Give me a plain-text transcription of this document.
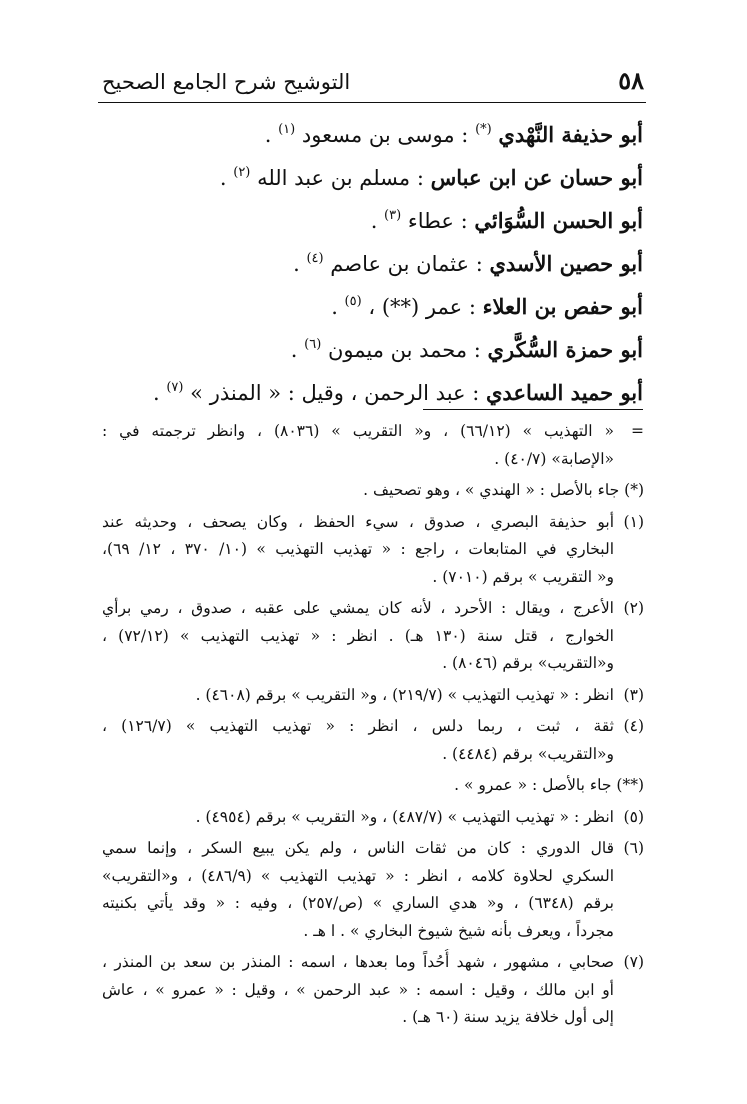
٥٨
التوشيح شرح الجامع الصحيح
أبو حذيفة النَّهْدي (*) : موسى بن مسعود $^{(١)}$ .
أبو حسان عن ابن عباس : مسلم بن عبد الله $^{(٢)}$ .
أبو الحسن السُّوَائي : عطاء $^{(٣)}$ .
أبو حصين الأسدي : عثمان بن عاصم $^{(٤)}$ .
أبو حفص بن العلاء : عمر (**) ، $^{(٥)}$ .
أبو حمزة السُّكَّري : محمد بن ميمون $^{(٦)}$ .
أبو حميد الساعدي : عبد الرحمن ، وقيل : « المنذر » $^{(٧)}$ .
=
« التهذيب » (٦٦/١٢) ، و« التقريب » (٨٠٣٦) ، وانظر ترجمته في :
«الإصابة» (٤٠/٧) .
(*) جاء بالأصل : « الهندي » ، وهو تصحيف .
(١)
أبو حذيفة البصري ، صدوق ، سيء الحفظ ، وكان يصحف ، وحديثه عند
البخاري في المتابعات ، راجع : « تهذيب التهذيب » (١٠/ ٣٧٠ ، ١٢/ ٦٩)،
و« التقريب » برقم (٧٠١٠) .
(٢)
الأعرج ، ويقال : الأحرد ، لأنه كان يمشي على عقبه ، صدوق ، رمي برأي
الخوارج ، قتل سنة (١٣٠ هـ) . انظر : « تهذيب التهذيب » (٧٢/١٢) ،
و«التقريب» برقم (٨٠٤٦) .
(٣)
انظر : « تهذيب التهذيب » (٢١٩/٧) ، و« التقريب » برقم (٤٦٠٨) .
(٤)
ثقة ، ثبت ، ربما دلس ، انظر : « تهذيب التهذيب » (١٢٦/٧) ،
و«التقريب» برقم (٤٤٨٤) .
(**) جاء بالأصل : « عمرو » .
(٥)
انظر : « تهذيب التهذيب » (٤٨٧/٧) ، و« التقريب » برقم (٤٩٥٤) .
(٦)
قال الدوري : كان من ثقات الناس ، ولم يكن يبيع السكر ، وإنما سمي
السكري لحلاوة كلامه ، انظر : « تهذيب التهذيب » (٤٨٦/٩) ، و«التقريب»
برقم (٦٣٤٨) ، و« هدي الساري » (ص/٢٥٧) ، وفيه : « وقد يأتي بكنيته
مجرداً ، ويعرف بأنه شيخ شيوخ البخاري » . ا هـ .
(٧)
صحابي ، مشهور ، شهد أُحُداً وما بعدها ، اسمه : المنذر بن سعد بن المنذر ،
أو ابن مالك ، وقيل : اسمه : « عبد الرحمن » ، وقيل : « عمرو » ، عاش
إلى أول خلافة يزيد سنة (٦٠ هـ) .
